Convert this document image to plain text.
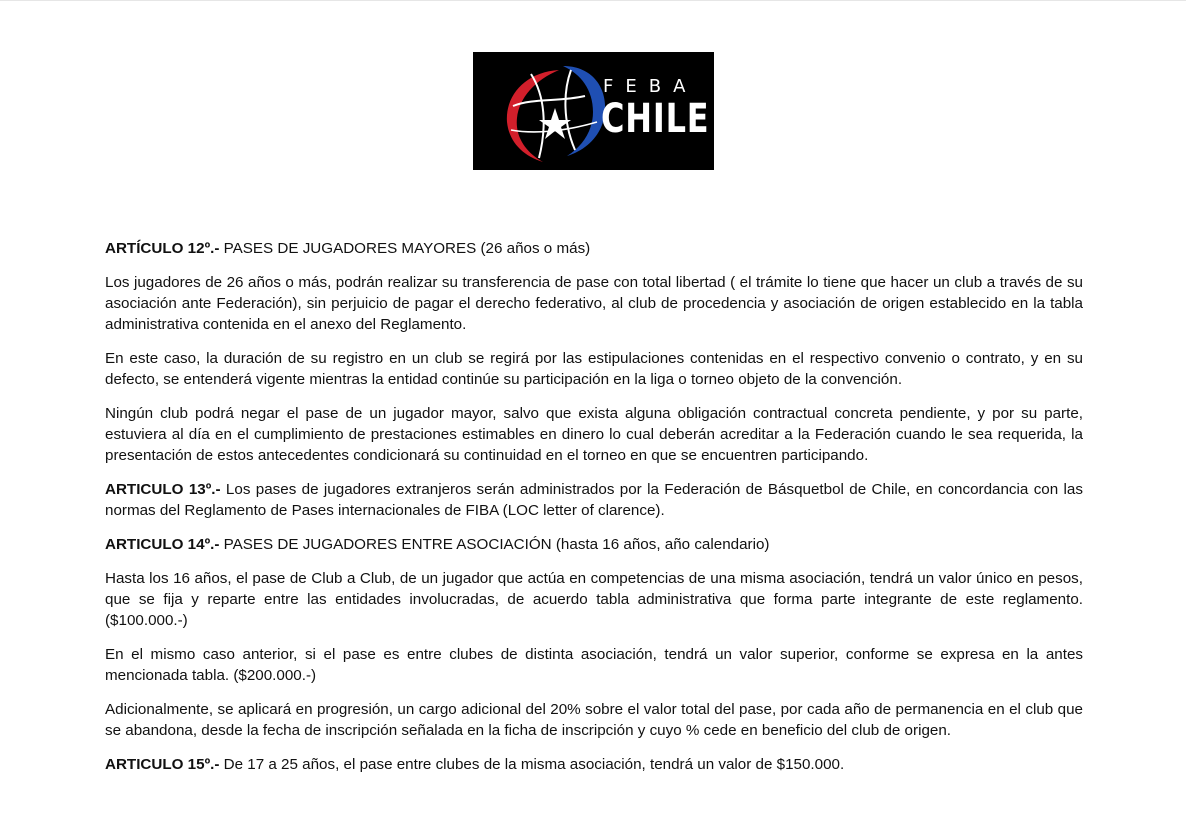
FEBA
CHILE

ARTÍCULO 12º.- PASES DE JUGADORES MAYORES (26 años o más)

Los jugadores de 26 años o más, podrán realizar su transferencia de pase con total libertad ( el trámite lo tiene que hacer un club a través de su asociación ante Federación), sin perjuicio de pagar el derecho federativo, al club de procedencia y asociación de origen establecido en la tabla administrativa contenida en el anexo del Reglamento.

En este caso, la duración de su registro en un club se regirá por las estipulaciones contenidas en el respectivo convenio o contrato, y en su defecto, se entenderá vigente mientras la entidad continúe su participación en la liga o torneo objeto de la convención.

Ningún club podrá negar el pase de un jugador mayor, salvo que exista alguna obligación contractual concreta pendiente, y por su parte, estuviera al día en el cumplimiento de prestaciones estimables en dinero lo cual deberán acreditar a la Federación cuando le sea requerida, la presentación de estos antecedentes condicionará su continuidad en el torneo en que se encuentren participando.

ARTICULO 13º.- Los pases de jugadores extranjeros serán administrados por la Federación de Básquetbol de Chile, en concordancia con las normas del Reglamento de Pases internacionales de FIBA (LOC letter of clarence).

ARTICULO 14º.- PASES DE JUGADORES ENTRE ASOCIACIÓN (hasta 16 años, año calendario)

Hasta los 16 años, el pase de Club a Club, de un jugador que actúa en competencias de una misma asociación, tendrá un valor único en pesos, que se fija y reparte entre las entidades involucradas, de acuerdo tabla administrativa que forma parte integrante de este reglamento. ($100.000.-)

En el mismo caso anterior, si el pase es entre clubes de distinta asociación, tendrá un valor superior, conforme se expresa en la antes mencionada tabla. ($200.000.-)

Adicionalmente, se aplicará en progresión, un cargo adicional del 20% sobre el valor total del pase, por cada año de permanencia en el club que se abandona, desde la fecha de inscripción señalada en la ficha de inscripción y cuyo % cede en beneficio del club de origen.

ARTICULO 15º.- De 17 a 25 años, el pase entre clubes de la misma asociación, tendrá un valor de $150.000.
